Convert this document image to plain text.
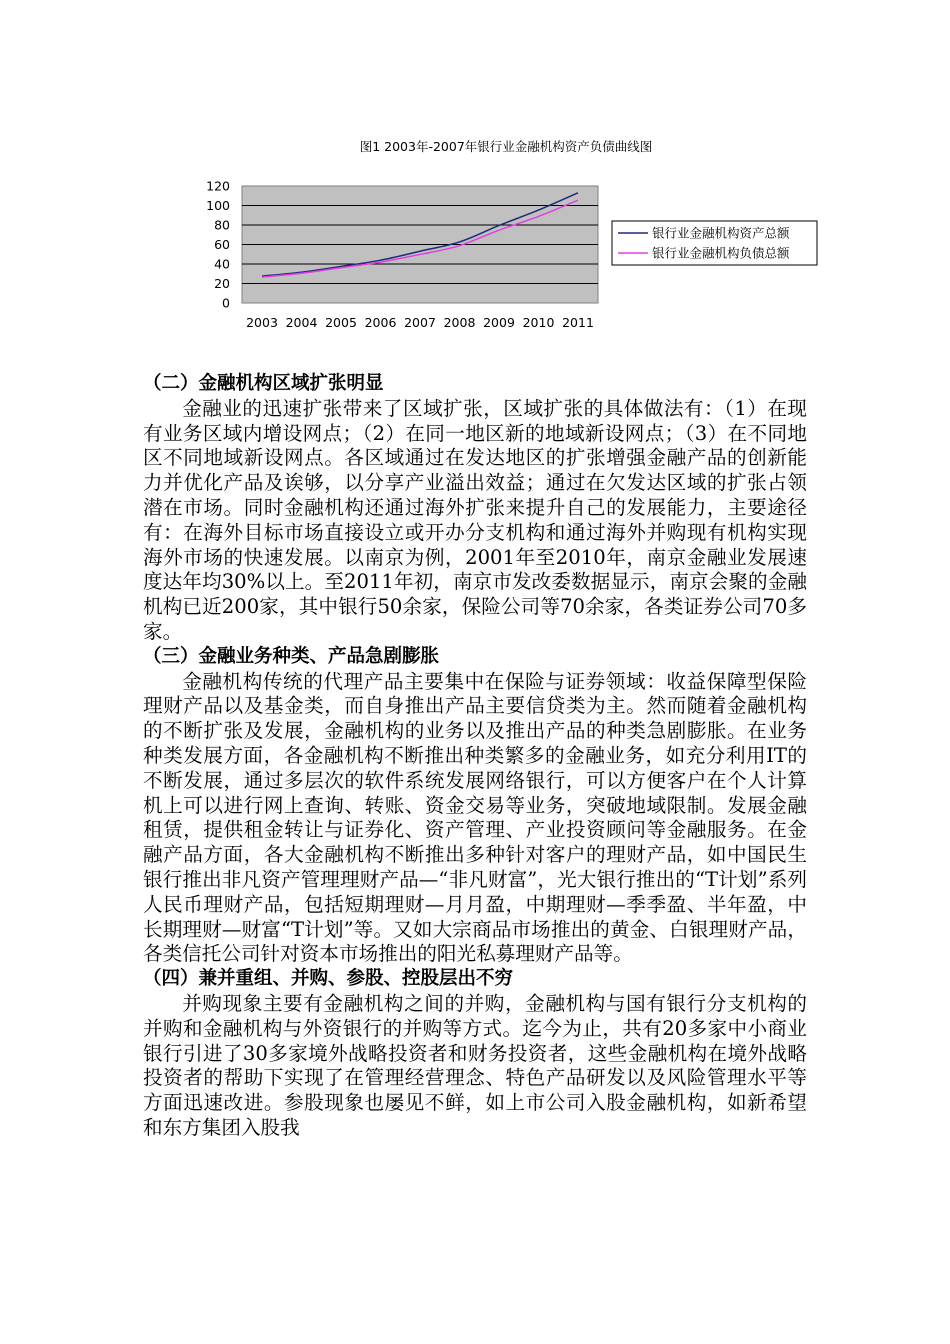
图1 2003年-2007年银行业金融机构资产负债曲线图
0
20
40
60
80
100
120
2003 2004 2005 2006 2007 2008 2009 2010 2011
银行业金融机构资产总额
银行业金融机构负债总额

（二）金融机构区域扩张明显

金融业的迅速扩张带来了区域扩张，区域扩张的具体做法有：（1）在现有业务区域内增设网点；（2）在同一地区新的地域新设网点；（3）在不同地区不同地域新设网点。各区域通过在发达地区的扩张增强金融产品的创新能力并优化产品及诶够，以分享产业溢出效益；通过在欠发达区域的扩张占领潜在市场。同时金融机构还通过海外扩张来提升自己的发展能力，主要途径有：在海外目标市场直接设立或开办分支机构和通过海外并购现有机构实现海外市场的快速发展。以南京为例，2001年至2010年，南京金融业发展速度达年均30%以上。至2011年初，南京市发改委数据显示，南京会聚的金融机构已近200家，其中银行50余家，保险公司等70余家，各类证券公司70多家。

（三）金融业务种类、产品急剧膨胀

金融机构传统的代理产品主要集中在保险与证券领域：收益保障型保险理财产品以及基金类，而自身推出产品主要信贷类为主。然而随着金融机构的不断扩张及发展，金融机构的业务以及推出产品的种类急剧膨胀。在业务种类发展方面，各金融机构不断推出种类繁多的金融业务，如充分利用IT的不断发展，通过多层次的软件系统发展网络银行，可以方便客户在个人计算机上可以进行网上查询、转账、资金交易等业务，突破地域限制。发展金融租赁，提供租金转让与证券化、资产管理、产业投资顾问等金融服务。在金融产品方面，各大金融机构不断推出多种针对客户的理财产品，如中国民生银行推出非凡资产管理理财产品—“非凡财富”，光大银行推出的“T计划”系列人民币理财产品，包括短期理财—月月盈，中期理财—季季盈、半年盈，中长期理财—财富“T计划”等。又如大宗商品市场推出的黄金、白银理财产品，各类信托公司针对资本市场推出的阳光私募理财产品等。

（四）兼并重组、并购、参股、控股层出不穷

并购现象主要有金融机构之间的并购，金融机构与国有银行分支机构的并购和金融机构与外资银行的并购等方式。迄今为止，共有20多家中小商业银行引进了30多家境外战略投资者和财务投资者，这些金融机构在境外战略投资者的帮助下实现了在管理经营理念、特色产品研发以及风险管理水平等方面迅速改进。参股现象也屡见不鲜，如上市公司入股金融机构，如新希望和东方集团入股我
